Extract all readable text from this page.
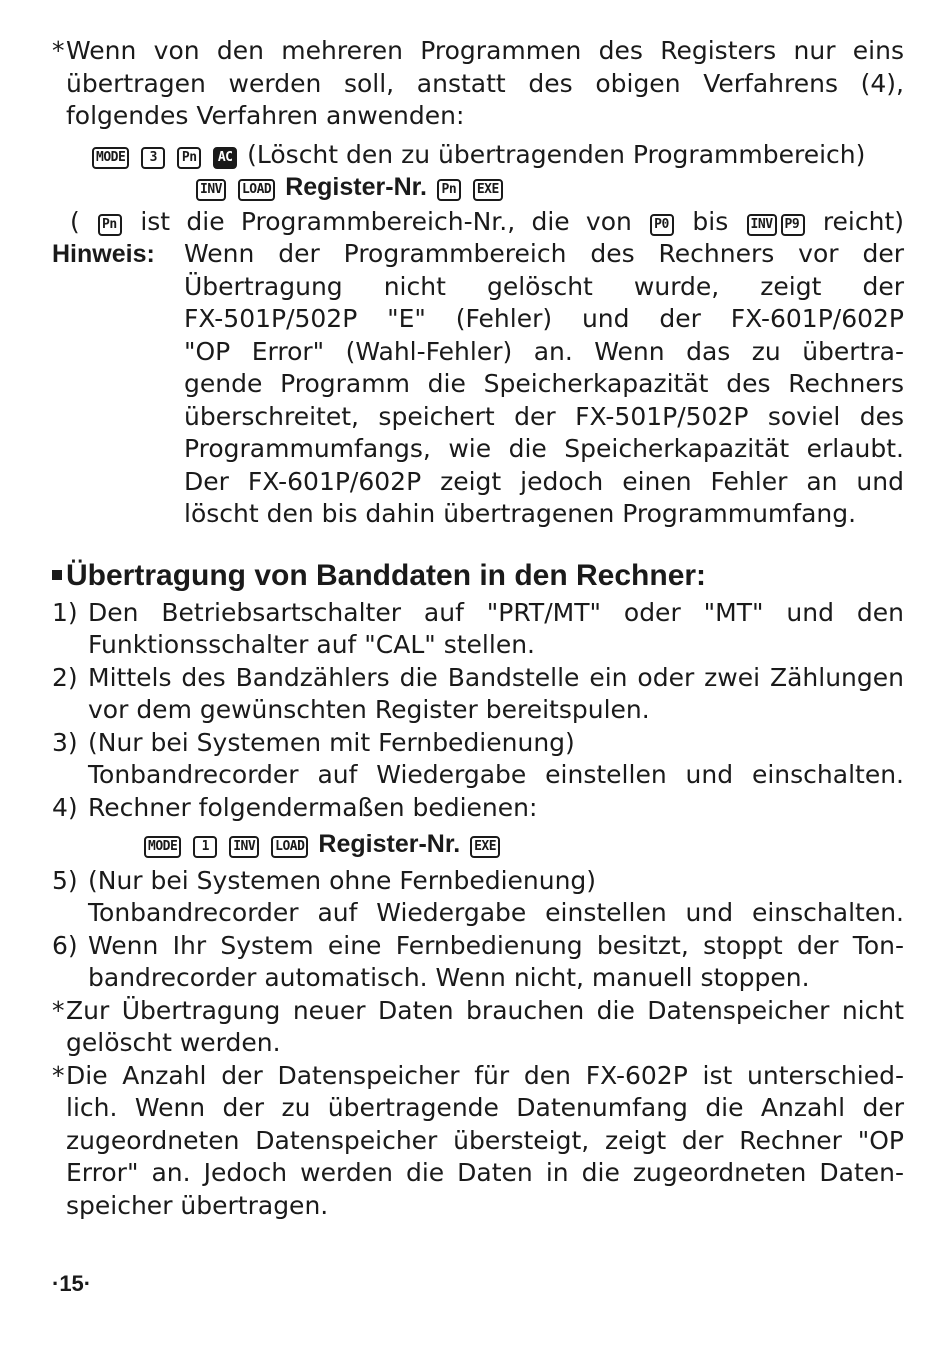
* Wenn von den mehreren Programmen des Registers nur eins
übertragen werden soll, anstatt des obigen Verfahrens (4),
folgendes Verfahren anwenden:
MODE 3 Pn AC (Löscht den zu übertragenden Programmbereich)
INV LOAD Register-Nr. Pn EXE
( Pn ist die Programmbereich-Nr., die von P0 bis INV P9 reicht)
Hinweis:	Wenn der Programmbereich des Rechners vor der
Übertragung nicht gelöscht wurde, zeigt der
FX-501P/502P "E" (Fehler) und der FX-601P/602P
"OP Error" (Wahl-Fehler) an. Wenn das zu übertra-
gende Programm die Speicherkapazität des Rechners
überschreitet, speichert der FX-501P/502P soviel des
Programmumfangs, wie die Speicherkapazität erlaubt.
Der FX-601P/602P zeigt jedoch einen Fehler an und
löscht den bis dahin übertragenen Programmumfang.
Übertragung von Banddaten in den Rechner:
1) Den Betriebsartschalter auf "PRT/MT" oder "MT" und den
Funktionsschalter auf "CAL" stellen.
2) Mittels des Bandzählers die Bandstelle ein oder zwei Zählungen
vor dem gewünschten Register bereitspulen.
3) (Nur bei Systemen mit Fernbedienung)
Tonbandrecorder auf Wiedergabe einstellen und einschalten.
4) Rechner folgendermaßen bedienen:
MODE 1 INV LOAD Register-Nr. EXE
5) (Nur bei Systemen ohne Fernbedienung)
Tonbandrecorder auf Wiedergabe einstellen und einschalten.
6) Wenn Ihr System eine Fernbedienung besitzt, stoppt der Ton-
bandrecorder automatisch. Wenn nicht, manuell stoppen.
* Zur Übertragung neuer Daten brauchen die Datenspeicher nicht
gelöscht werden.
* Die Anzahl der Datenspeicher für den FX-602P ist unterschied-
lich. Wenn der zu übertragende Datenumfang die Anzahl der
zugeordneten Datenspeicher übersteigt, zeigt der Rechner "OP
Error" an. Jedoch werden die Daten in die zugeordneten Daten-
speicher übertragen.
·15·
